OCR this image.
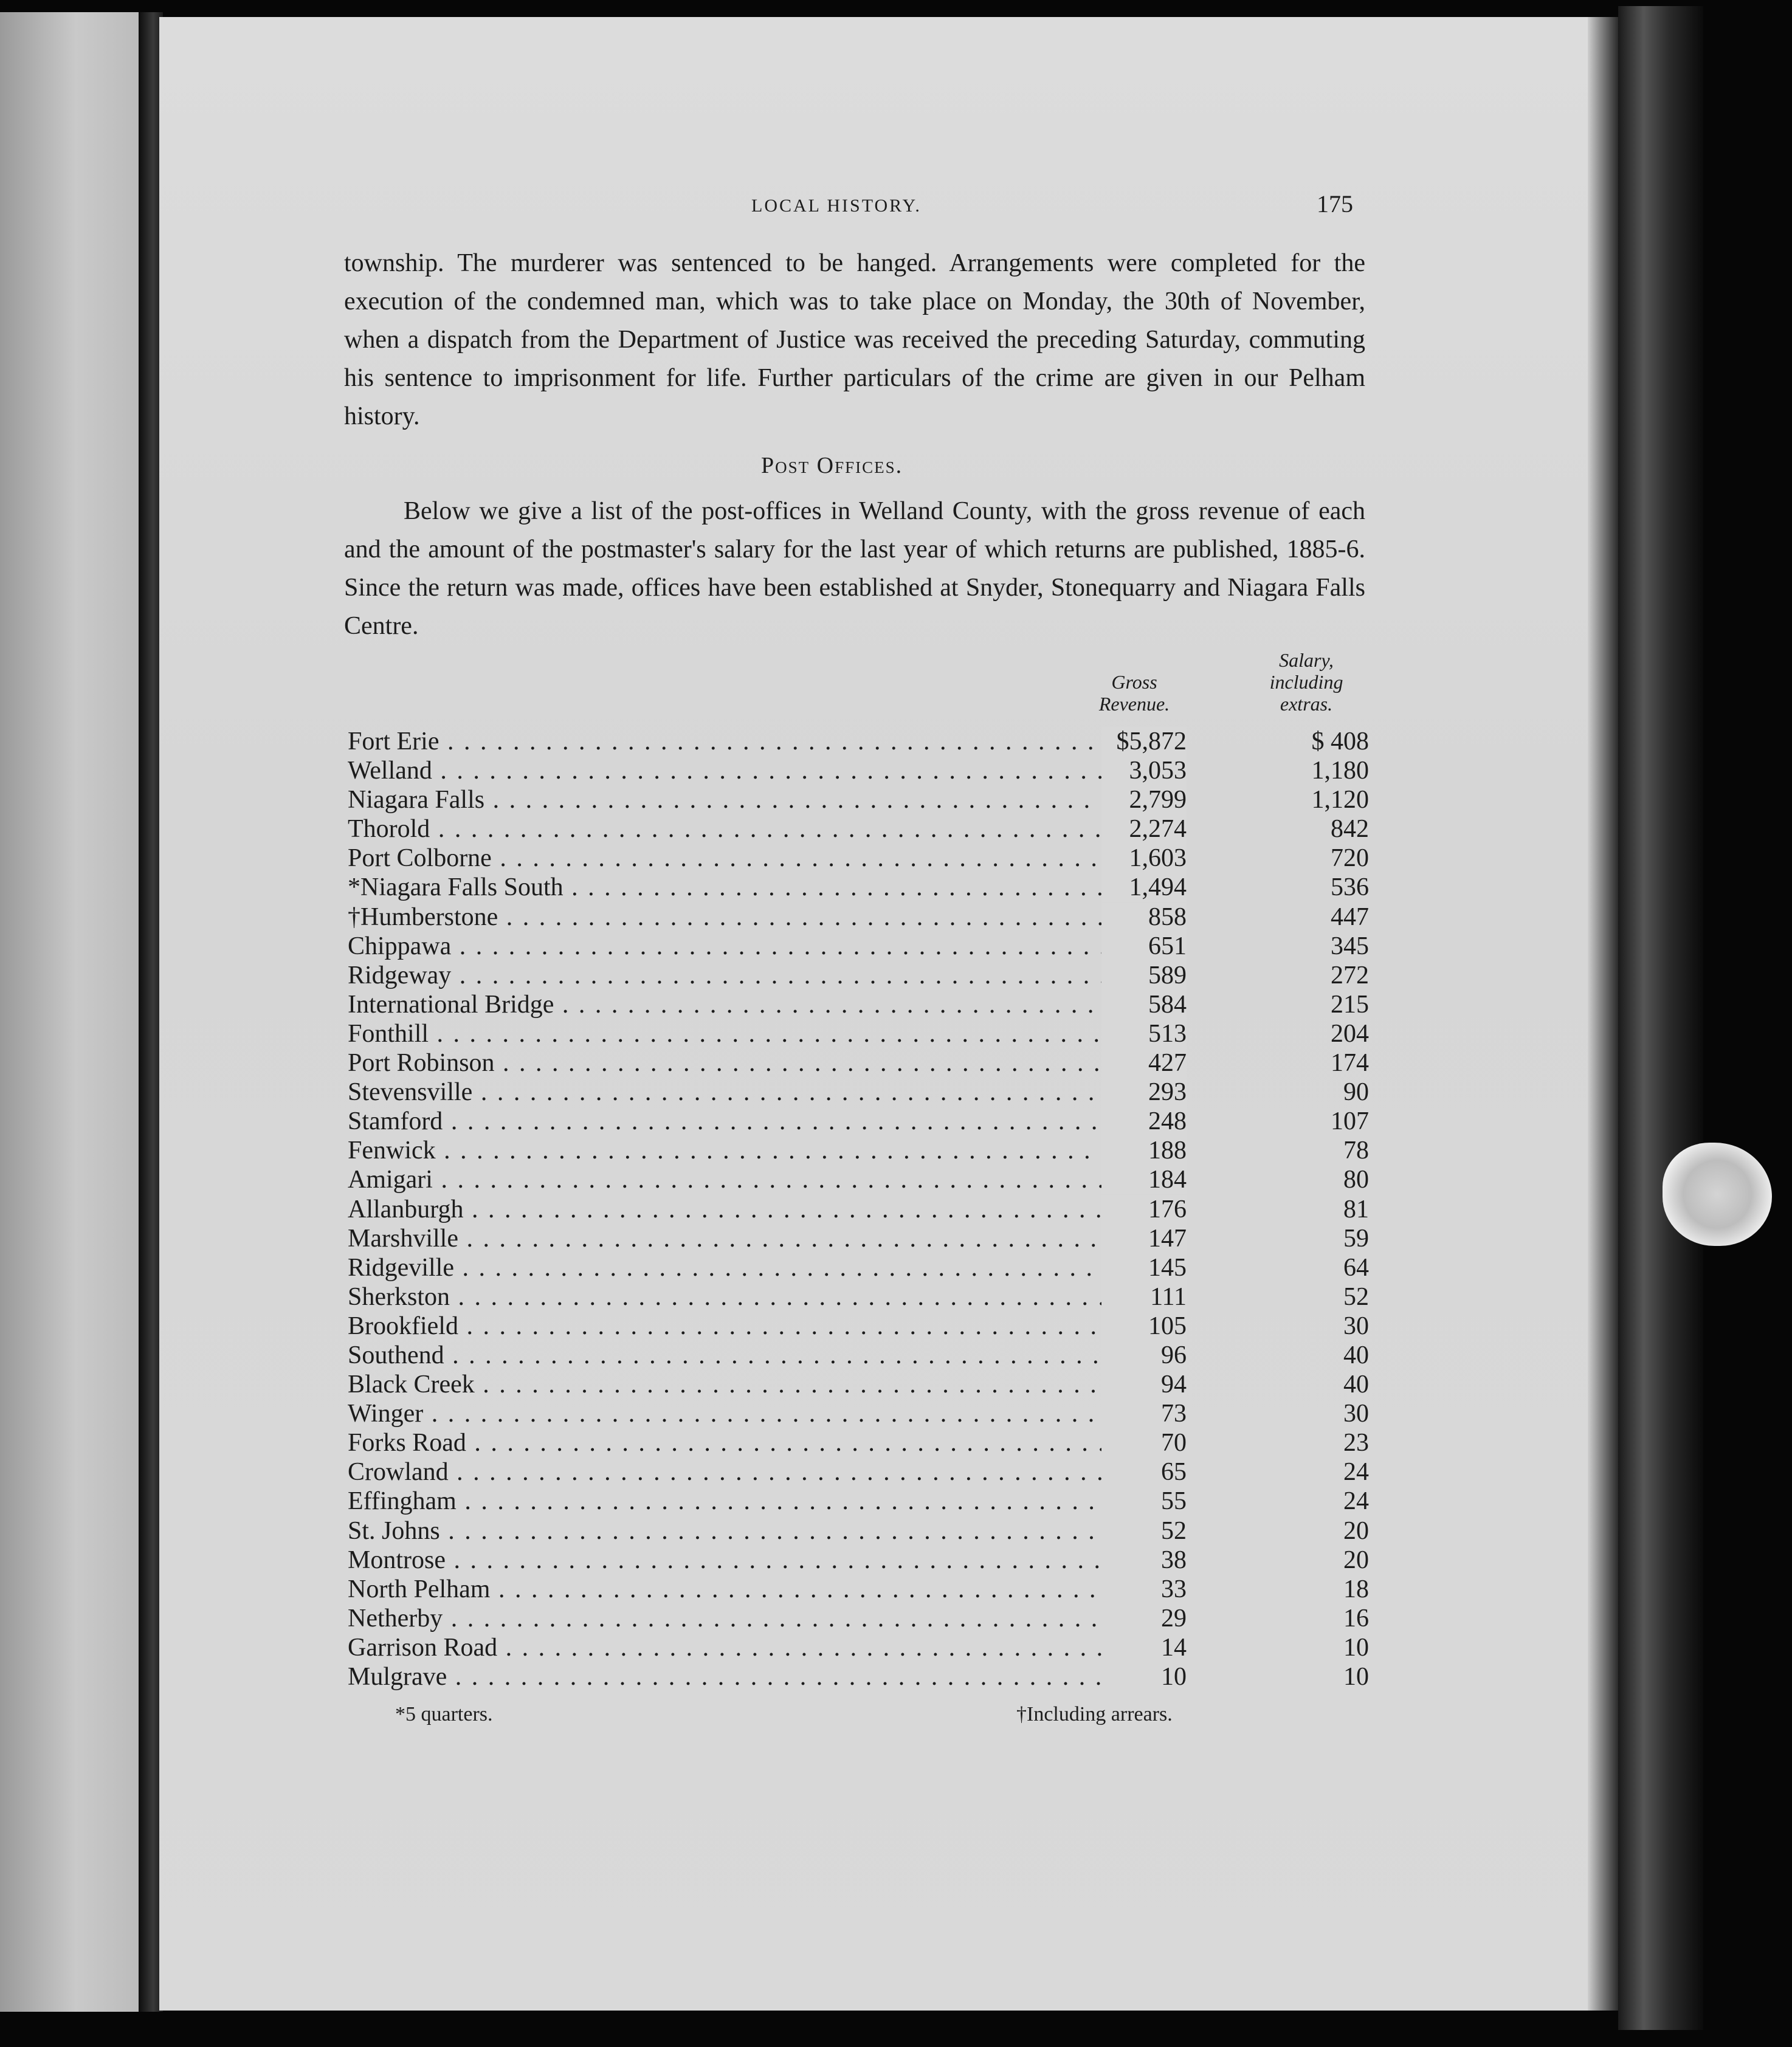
LOCAL HISTORY.	175
township. The murderer was sentenced to be hanged. Arrangements were completed for the execution of the condemned man, which was to take place on Monday, the 30th of November, when a dispatch from the Department of Justice was received the preceding Saturday, commuting his sentence to imprisonment for life. Further particulars of the crime are given in our Pelham history.
Post Offices.
Below we give a list of the post-offices in Welland County, with the gross revenue of each and the amount of the postmaster's salary for the last year of which returns are published, 1885-6. Since the return was made, offices have been established at Snyder, Stonequarry and Niagara Falls Centre.
Gross
Revenue.
Salary,
including
extras.
Fort Erie . . .	$5,872	$ 408
Welland . . .	3,053	1,180
Niagara Falls . . .	2,799	1,120
Thorold . . .	2,274	842
Port Colborne . . .	1,603	720
*Niagara Falls South . . .	1,494	536
†Humberstone . . .	858	447
Chippawa . . .	651	345
Ridgeway . . .	589	272
International Bridge . . .	584	215
Fonthill . . .	513	204
Port Robinson . . .	427	174
Stevensville . . .	293	90
Stamford . . .	248	107
Fenwick . . .	188	78
Amigari . . .	184	80
Allanburgh . . .	176	81
Marshville . . .	147	59
Ridgeville . . .	145	64
Sherkston . . .	111	52
Brookfield . . .	105	30
Southend . . .	96	40
Black Creek . . .	94	40
Winger . . .	73	30
Forks Road . . .	70	23
Crowland . . .	65	24
Effingham . . .	55	24
St. Johns . . .	52	20
Montrose . . .	38	20
North Pelham . . .	33	18
Netherby . . .	29	16
Garrison Road . . .	14	10
Mulgrave . . .	10	10
*5 quarters.	†Including arrears.
